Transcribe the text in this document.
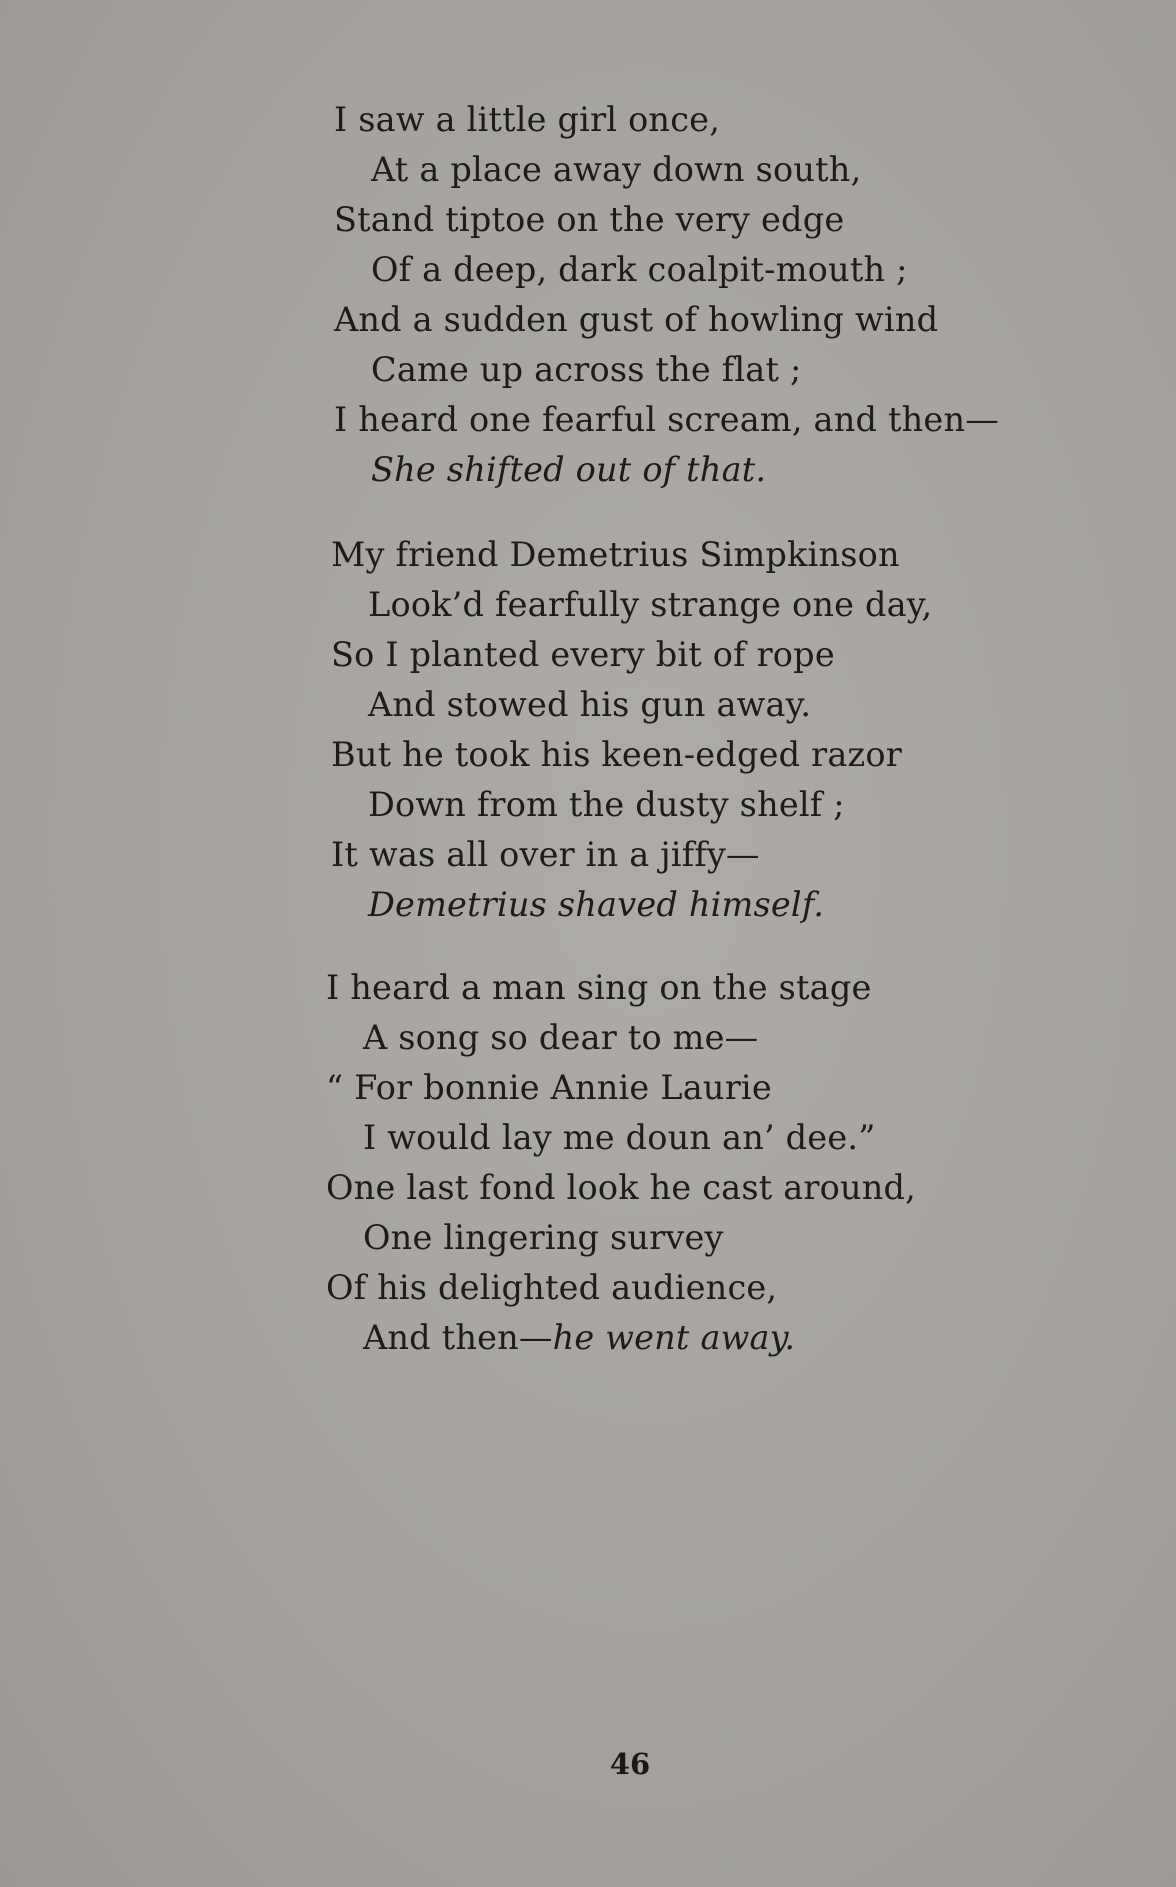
I saw a little girl once,
At a place away down south,
Stand tiptoe on the very edge
Of a deep, dark coalpit-mouth ;
And a sudden gust of howling wind
Came up across the flat ;
I heard one fearful scream, and then—
She shifted out of that.
My friend Demetrius Simpkinson
Look’d fearfully strange one day,
So I planted every bit of rope
And stowed his gun away.
But he took his keen-edged razor
Down from the dusty shelf ;
It was all over in a jiffy—
Demetrius shaved himself.
I heard a man sing on the stage
A song so dear to me—
“ For bonnie Annie Laurie
I would lay me doun an’ dee.”
One last fond look he cast around,
One lingering survey
Of his delighted audience,
And then—he went away.
46
